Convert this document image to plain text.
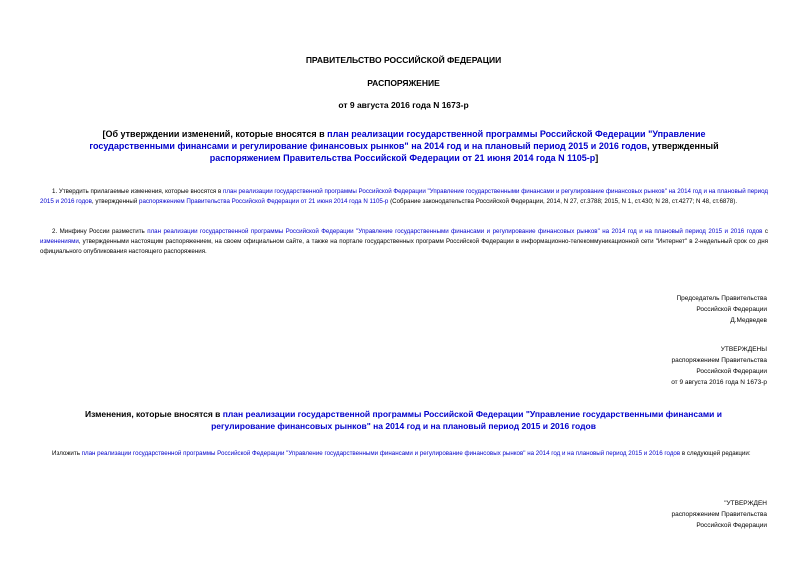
ПРАВИТЕЛЬСТВО РОССИЙСКОЙ ФЕДЕРАЦИИ
РАСПОРЯЖЕНИЕ
от 9 августа 2016 года N 1673-р
[Об утверждении изменений, которые вносятся в план реализации государственной программы Российской Федерации "Управление государственными финансами и регулирование финансовых рынков" на 2014 год и на плановый период 2015 и 2016 годов, утвержденный распоряжением Правительства Российской Федерации от 21 июня 2014 года N 1105-р]
1. Утвердить прилагаемые изменения, которые вносятся в план реализации государственной программы Российской Федерации "Управление государственными финансами и регулирование финансовых рынков" на 2014 год и на плановый период 2015 и 2016 годов, утвержденный распоряжением Правительства Российской Федерации от 21 июня 2014 года N 1105-р (Собрание законодательства Российской Федерации, 2014, N 27, ст.3788; 2015, N 1, ст.430; N 28, ст.4277; N 48, ст.6878).
2. Минфину России разместить план реализации государственной программы Российской Федерации "Управление государственными финансами и регулирование финансовых рынков" на 2014 год и на плановый период 2015 и 2016 годов с изменениями, утвержденными настоящим распоряжением, на своем официальном сайте, а также на портале государственных программ Российской Федерации в информационно-телекоммуникационной сети "Интернет" в 2-недельный срок со дня официального опубликования настоящего распоряжения.
Председатель Правительства
Российской Федерации
Д.Медведев
УТВЕРЖДЕНЫ
распоряжением Правительства
Российской Федерации
от 9 августа 2016 года N 1673-р
Изменения, которые вносятся в план реализации государственной программы Российской Федерации "Управление государственными финансами и регулирование финансовых рынков" на 2014 год и на плановый период 2015 и 2016 годов
Изложить план реализации государственной программы Российской Федерации "Управление государственными финансами и регулирование финансовых рынков" на 2014 год и на плановый период 2015 и 2016 годов в следующей редакции:
"УТВЕРЖДЕН
распоряжением Правительства
Российской Федерации
